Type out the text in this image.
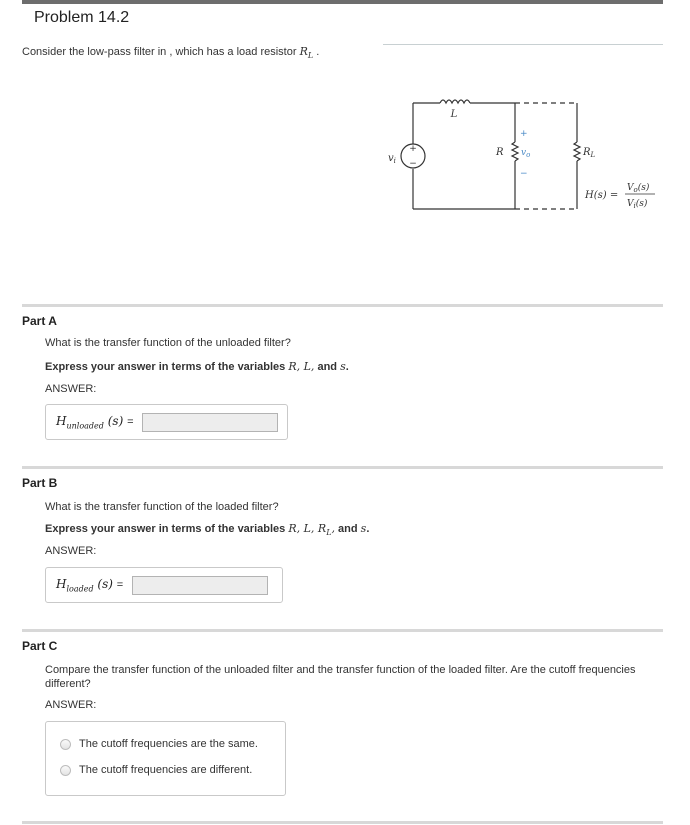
Problem 14.2
Consider the low-pass filter in , which has a load resistor $R_L$ .
+
−
$v_i$
L
R
+
$v_o$
−
$R_L$
H(s) =
$V_o(s)$
$V_i(s)$
Part A
What is the transfer function of the unloaded filter?
Express your answer in terms of the variables R, L, and s.
ANSWER:
$H_{unloaded}$ (s) =
Part B
What is the transfer function of the loaded filter?
Express your answer in terms of the variables R, L, $R_L$, and s.
ANSWER:
$H_{loaded}$ (s) =
Part C
Compare the transfer function of the unloaded filter and the transfer function of the loaded filter. Are the cutoff frequencies
different?
ANSWER:
The cutoff frequencies are the same.
The cutoff frequencies are different.
